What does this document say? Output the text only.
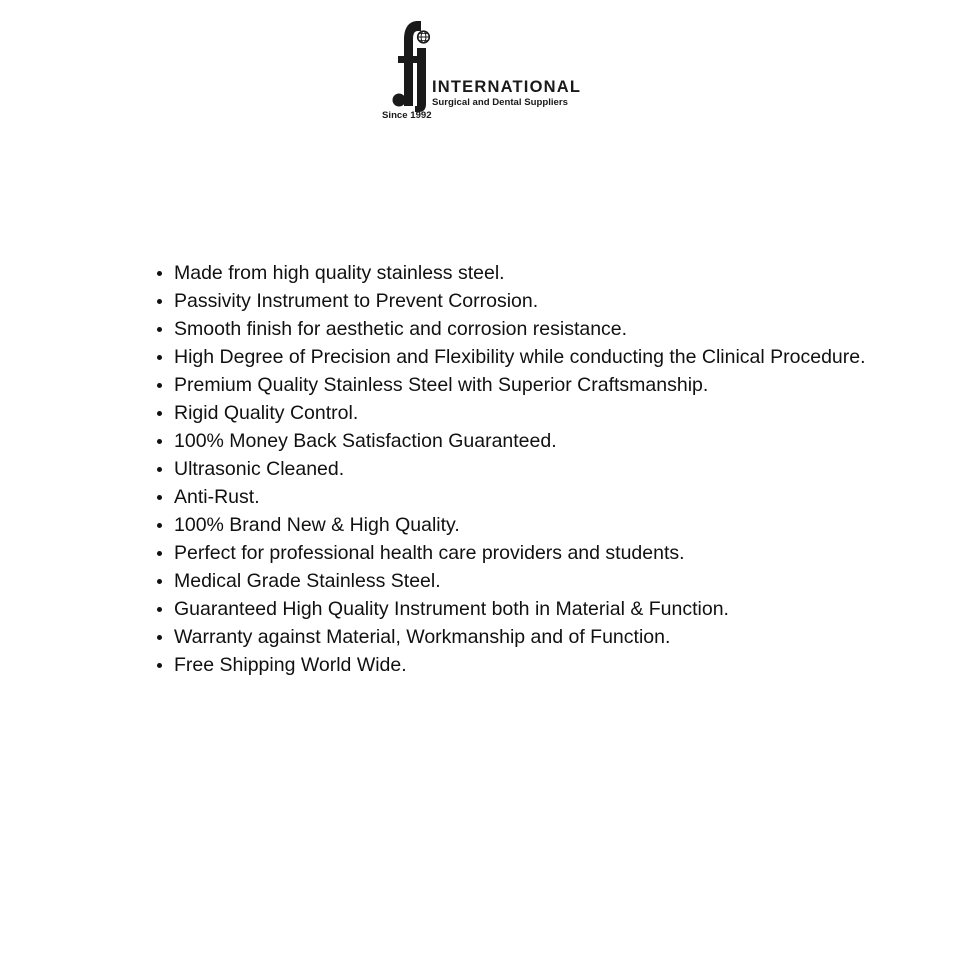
INTERNATIONAL
Surgical and Dental Suppliers
Since 1992
Made from high quality stainless steel.
Passivity Instrument to Prevent Corrosion.
Smooth finish for aesthetic and corrosion resistance.
High Degree of Precision and Flexibility while conducting the Clinical Procedure.
Premium Quality Stainless Steel with Superior Craftsmanship.
Rigid Quality Control.
100% Money Back Satisfaction Guaranteed.
Ultrasonic Cleaned.
Anti-Rust.
100% Brand New & High Quality.
Perfect for professional health care providers and students.
Medical Grade Stainless Steel.
Guaranteed High Quality Instrument both in Material & Function.
Warranty against Material, Workmanship and of Function.
Free Shipping World Wide.
